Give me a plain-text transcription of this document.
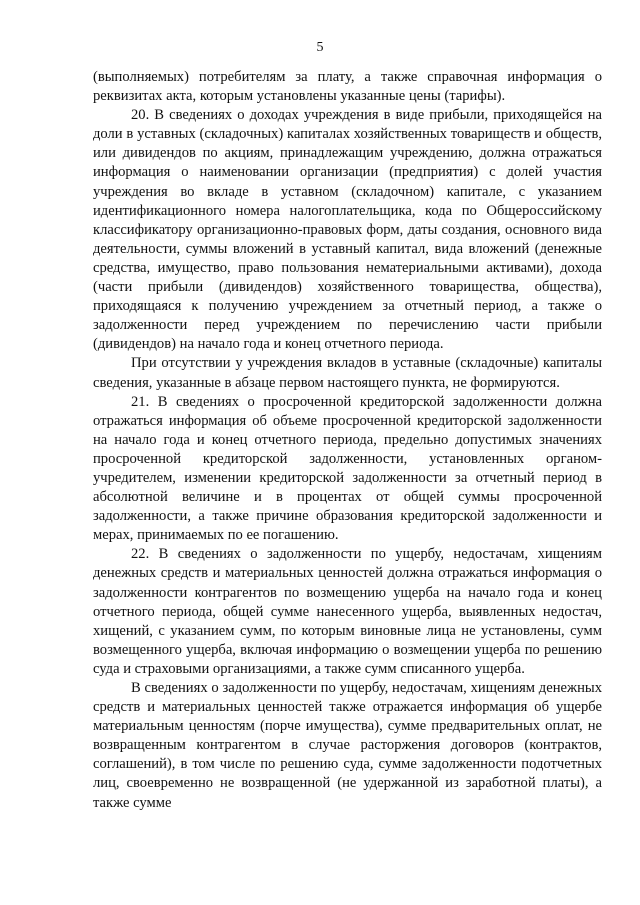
5

(выполняемых) потребителям за плату, а также справочная информация о реквизитах акта, которым установлены указанные цены (тарифы).

20. В сведениях о доходах учреждения в виде прибыли, приходящейся на доли в уставных (складочных) капиталах хозяйственных товариществ и обществ, или дивидендов по акциям, принадлежащим учреждению, должна отражаться информация о наименовании организации (предприятия) с долей участия учреждения во вкладе в уставном (складочном) капитале, с указанием идентификационного номера налогоплательщика, кода по Общероссийскому классификатору организационно-правовых форм, даты создания, основного вида деятельности, суммы вложений в уставный капитал, вида вложений (денежные средства, имущество, право пользования нематериальными активами), дохода (части прибыли (дивидендов) хозяйственного товарищества, общества), приходящаяся к получению учреждением за отчетный период, а также о задолженности перед учреждением по перечислению части прибыли (дивидендов) на начало года и конец отчетного периода.

При отсутствии у учреждения вкладов в уставные (складочные) капиталы сведения, указанные в абзаце первом настоящего пункта, не формируются.

21. В сведениях о просроченной кредиторской задолженности должна отражаться информация об объеме просроченной кредиторской задолженности на начало года и конец отчетного периода, предельно допустимых значениях просроченной кредиторской задолженности, установленных органом-учредителем, изменении кредиторской задолженности за отчетный период в абсолютной величине и в процентах от общей суммы просроченной задолженности, а также причине образования кредиторской задолженности и мерах, принимаемых по ее погашению.

22. В сведениях о задолженности по ущербу, недостачам, хищениям денежных средств и материальных ценностей должна отражаться информация о задолженности контрагентов по возмещению ущерба на начало года и конец отчетного периода, общей сумме нанесенного ущерба, выявленных недостач, хищений, с указанием сумм, по которым виновные лица не установлены, сумм возмещенного ущерба, включая информацию о возмещении ущерба по решению суда и страховыми организациями, а также сумм списанного ущерба.

В сведениях о задолженности по ущербу, недостачам, хищениям денежных средств и материальных ценностей также отражается информация об ущербе материальным ценностям (порче имущества), сумме предварительных оплат, не возвращенным контрагентом в случае расторжения договоров (контрактов, соглашений), в том числе по решению суда, сумме задолженности подотчетных лиц, своевременно не возвращенной (не удержанной из заработной платы), а также сумме
